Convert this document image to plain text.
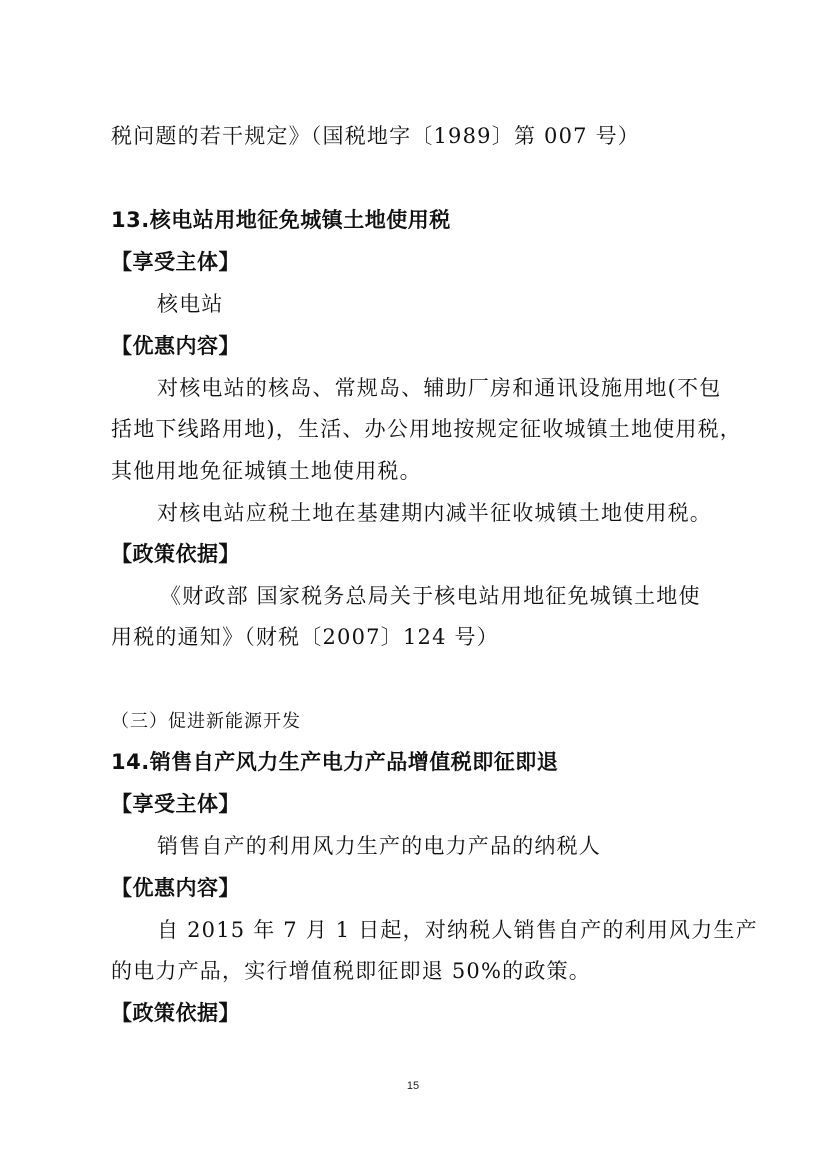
税问题的若干规定》（国税地字〔1989〕第 007 号）
13.核电站用地征免城镇土地使用税
【享受主体】
核电站
【优惠内容】
对核电站的核岛、常规岛、辅助厂房和通讯设施用地(不包
括地下线路用地)，生活、办公用地按规定征收城镇土地使用税，
其他用地免征城镇土地使用税。
对核电站应税土地在基建期内减半征收城镇土地使用税。
【政策依据】
《财政部 国家税务总局关于核电站用地征免城镇土地使
用税的通知》（财税〔2007〕124 号）
（三）促进新能源开发
14.销售自产风力生产电力产品增值税即征即退
【享受主体】
销售自产的利用风力生产的电力产品的纳税人
【优惠内容】
自 2015 年 7 月 1 日起，对纳税人销售自产的利用风力生产
的电力产品，实行增值税即征即退 50%的政策。
【政策依据】
15
